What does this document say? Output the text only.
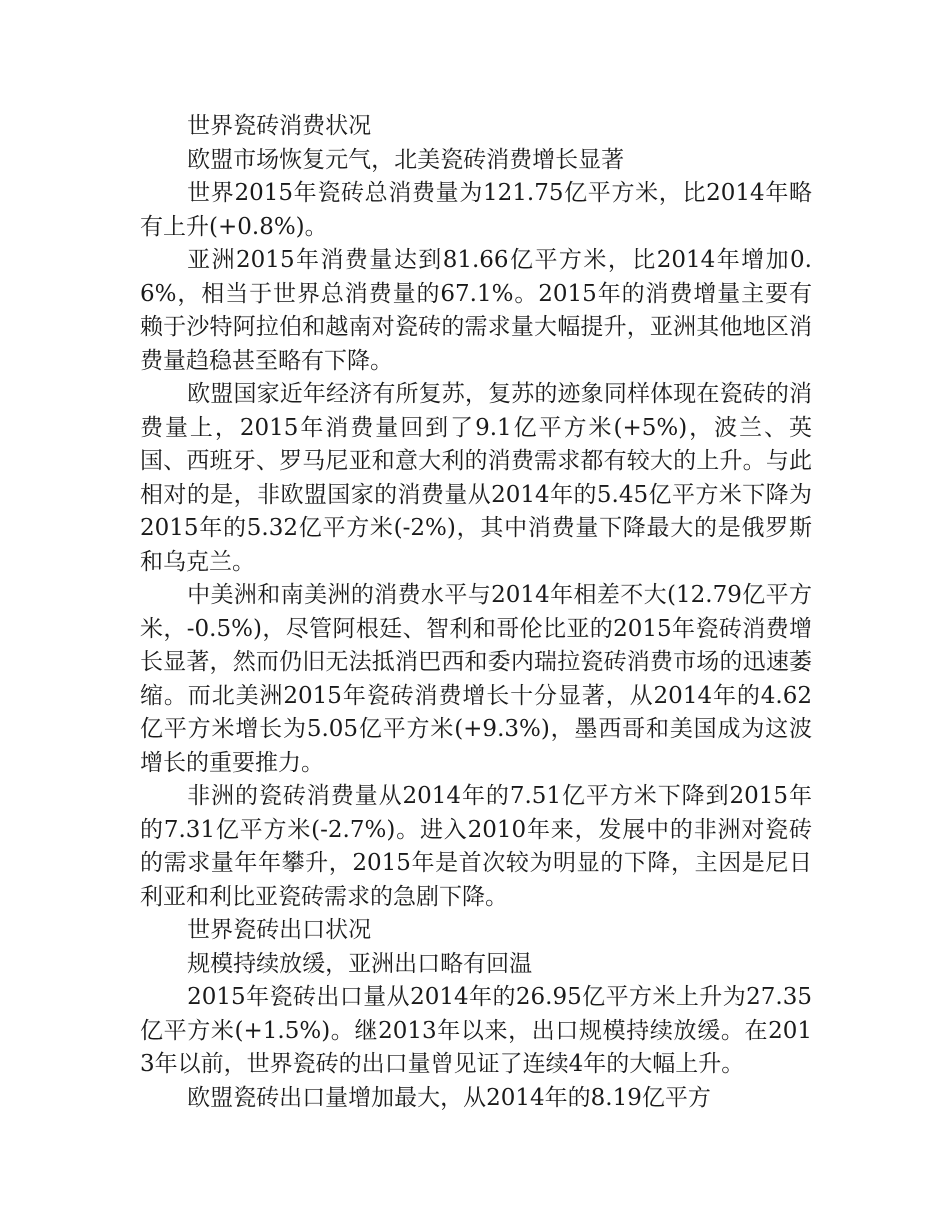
世界瓷砖消费状况

欧盟市场恢复元气，北美瓷砖消费增长显著

世界2015年瓷砖总消费量为121.75亿平方米，比2014年略有上升(+0.8%)。

亚洲2015年消费量达到81.66亿平方米，比2014年增加0.6%，相当于世界总消费量的67.1%。2015年的消费增量主要有赖于沙特阿拉伯和越南对瓷砖的需求量大幅提升，亚洲其他地区消费量趋稳甚至略有下降。

欧盟国家近年经济有所复苏，复苏的迹象同样体现在瓷砖的消费量上，2015年消费量回到了9.1亿平方米(+5%)，波兰、英国、西班牙、罗马尼亚和意大利的消费需求都有较大的上升。与此相对的是，非欧盟国家的消费量从2014年的5.45亿平方米下降为2015年的5.32亿平方米(-2%)，其中消费量下降最大的是俄罗斯和乌克兰。

中美洲和南美洲的消费水平与2014年相差不大(12.79亿平方米，-0.5%)，尽管阿根廷、智利和哥伦比亚的2015年瓷砖消费增长显著，然而仍旧无法抵消巴西和委内瑞拉瓷砖消费市场的迅速萎缩。而北美洲2015年瓷砖消费增长十分显著，从2014年的4.62亿平方米增长为5.05亿平方米(+9.3%)，墨西哥和美国成为这波增长的重要推力。

非洲的瓷砖消费量从2014年的7.51亿平方米下降到2015年的7.31亿平方米(-2.7%)。进入2010年来，发展中的非洲对瓷砖的需求量年年攀升，2015年是首次较为明显的下降，主因是尼日利亚和利比亚瓷砖需求的急剧下降。

世界瓷砖出口状况

规模持续放缓，亚洲出口略有回温

2015年瓷砖出口量从2014年的26.95亿平方米上升为27.35亿平方米(+1.5%)。继2013年以来，出口规模持续放缓。在2013年以前，世界瓷砖的出口量曾见证了连续4年的大幅上升。

欧盟瓷砖出口量增加最大，从2014年的8.19亿平方
